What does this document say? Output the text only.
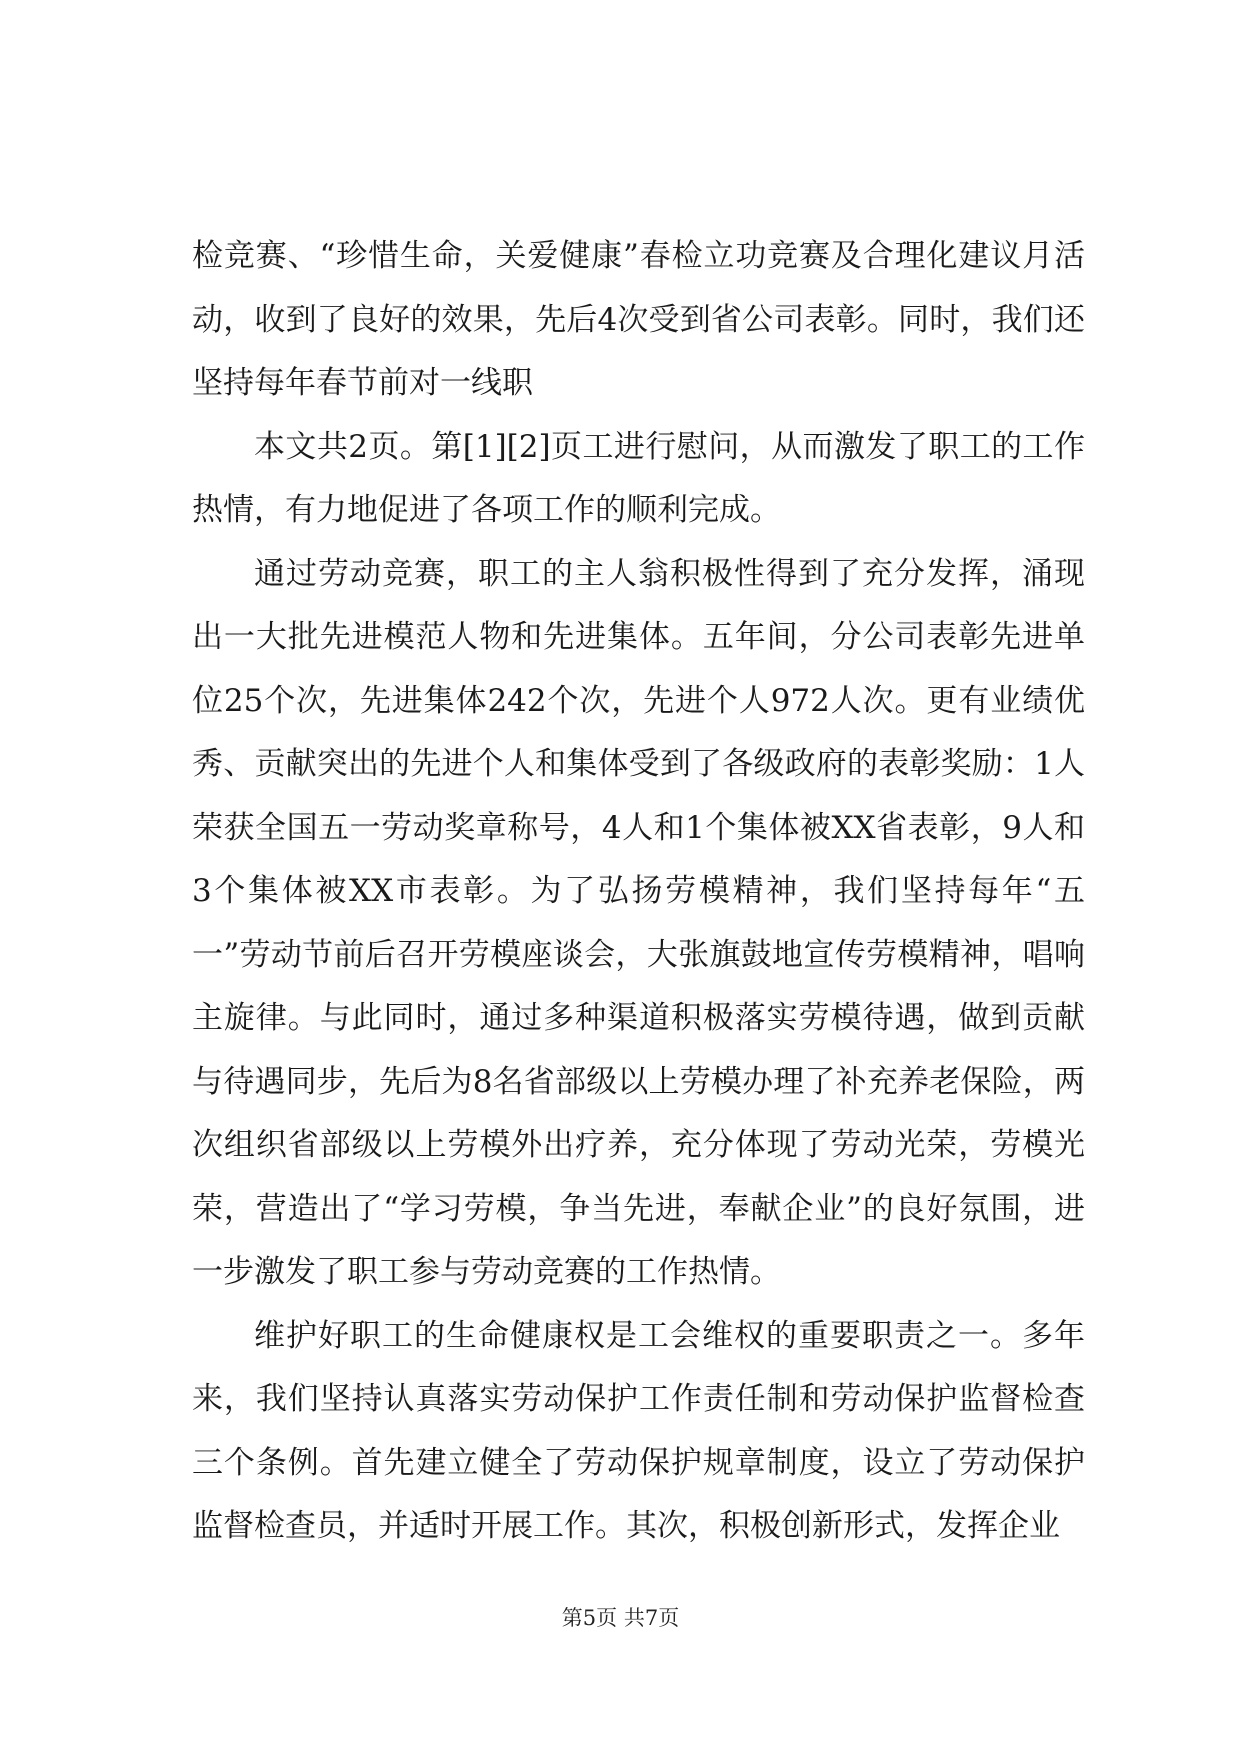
检竞赛、“珍惜生命，关爱健康”春检立功竞赛及合理化建议月活动，收到了良好的效果，先后4次受到省公司表彰。同时，我们还坚持每年春节前对一线职

本文共2页。第[1][2]页工进行慰问，从而激发了职工的工作热情，有力地促进了各项工作的顺利完成。

通过劳动竞赛，职工的主人翁积极性得到了充分发挥，涌现出一大批先进模范人物和先进集体。五年间，分公司表彰先进单位25个次，先进集体242个次，先进个人972人次。更有业绩优秀、贡献突出的先进个人和集体受到了各级政府的表彰奖励：1人荣获全国五一劳动奖章称号，4人和1个集体被XX省表彰，9人和3个集体被XX市表彰。为了弘扬劳模精神，我们坚持每年“五一”劳动节前后召开劳模座谈会，大张旗鼓地宣传劳模精神，唱响主旋律。与此同时，通过多种渠道积极落实劳模待遇，做到贡献与待遇同步，先后为8名省部级以上劳模办理了补充养老保险，两次组织省部级以上劳模外出疗养，充分体现了劳动光荣，劳模光荣，营造出了“学习劳模，争当先进，奉献企业”的良好氛围，进一步激发了职工参与劳动竞赛的工作热情。

维护好职工的生命健康权是工会维权的重要职责之一。多年来，我们坚持认真落实劳动保护工作责任制和劳动保护监督检查三个条例。首先建立健全了劳动保护规章制度，设立了劳动保护监督检查员，并适时开展工作。其次，积极创新形式，发挥企业

第5页 共7页
